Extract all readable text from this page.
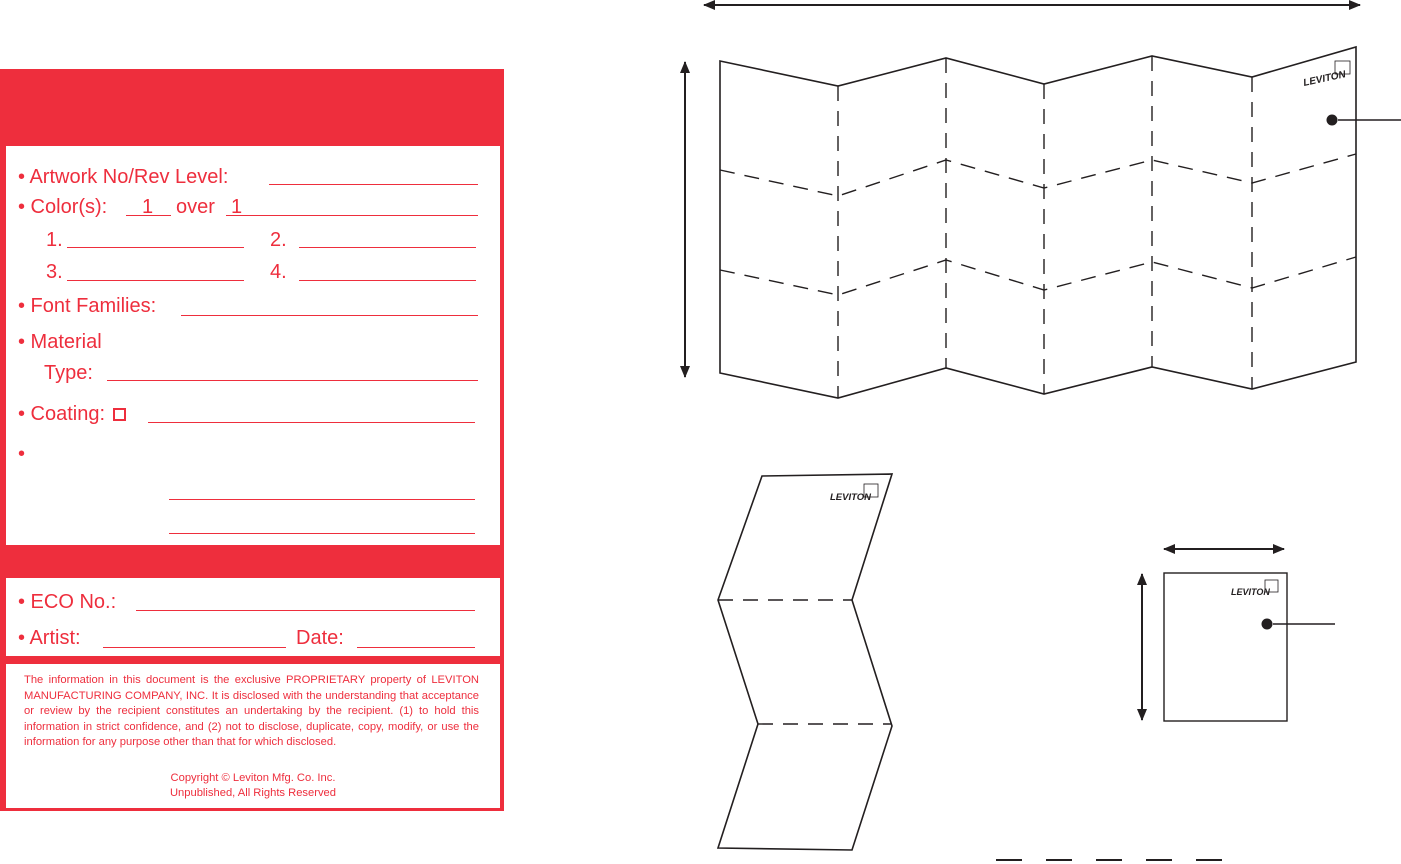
• Artwork No/Rev Level:
• Color(s): 1 over 1
1.	2.
3.	4.
• Font Families:
• Material
Type:
• Coating:
•
• ECO No.:
• Artist:	Date:
The information in this document is the exclusive PROPRIETARY property of LEVITON MANUFACTURING COMPANY, INC. It is disclosed with the understanding that acceptance or review by the recipient constitutes an undertaking by the recipient. (1) to hold this information in strict confidence, and (2) not to disclose, duplicate, copy, modify, or use the information for any purpose other than that for which disclosed.
Copyright © Leviton Mfg. Co. Inc.
Unpublished, All Rights Reserved
LEVITON
LEVITON
LEVITON
